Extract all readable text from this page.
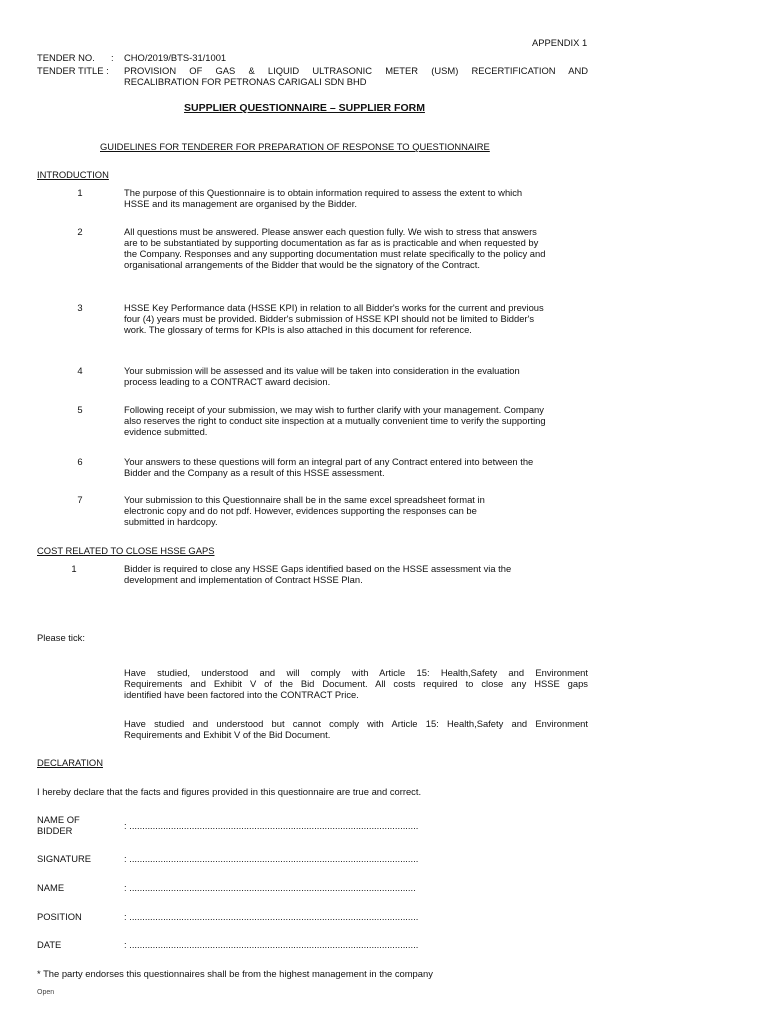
APPENDIX 1
TENDER NO. : CHO/2019/BTS-31/1001
TENDER TITLE : PROVISION OF GAS & LIQUID ULTRASONIC METER (USM) RECERTIFICATION AND
RECALIBRATION FOR PETRONAS CARIGALI SDN BHD
SUPPLIER QUESTIONNAIRE – SUPPLIER FORM
GUIDELINES FOR TENDERER FOR PREPARATION OF RESPONSE TO QUESTIONNAIRE
INTRODUCTION
1	The purpose of this Questionnaire is to obtain information required to assess the extent to which
HSSE and its management are organised by the Bidder.
2	All questions must be answered. Please answer each question fully. We wish to stress that answers
are to be substantiated by supporting documentation as far as is practicable and when requested by
the Company. Responses and any supporting documentation must relate specifically to the policy and
organisational arrangements of the Bidder that would be the signatory of the Contract.
3	HSSE Key Performance data (HSSE KPI) in relation to all Bidder's works for the current and previous
four (4) years must be provided. Bidder's submission of HSSE KPI should not be limited to Bidder's
work. The glossary of terms for KPIs is also attached in this document for reference.
4	Your submission will be assessed and its value will be taken into consideration in the evaluation
process leading to a CONTRACT award decision.
5	Following receipt of your submission, we may wish to further clarify with your management. Company
also reserves the right to conduct site inspection at a mutually convenient time to verify the supporting
evidence submitted.
6	Your answers to these questions will form an integral part of any Contract entered into between the
Bidder and the Company as a result of this HSSE assessment.
7	Your submission to this Questionnaire shall be in the same excel spreadsheet format in
electronic copy and do not pdf. However, evidences supporting the responses can be
submitted in hardcopy.
COST RELATED TO CLOSE HSSE GAPS
1	Bidder is required to close any HSSE Gaps identified based on the HSSE assessment via the
development and implementation of Contract HSSE Plan.
Please tick:
Have studied, understood and will comply with Article 15: Health,Safety and Environment
Requirements and Exhibit V of the Bid Document. All costs required to close any HSSE gaps
identified have been factored into the CONTRACT Price.
Have studied and understood but cannot comply with Article 15: Health,Safety and Environment
Requirements and Exhibit V of the Bid Document.
DECLARATION
I hereby declare that the facts and figures provided in this questionnaire are true and correct.
NAME OF
BIDDER	: ...............................................................................................................
SIGNATURE	: ...............................................................................................................
NAME	: ..............................................................................................................
POSITION	: ...............................................................................................................
DATE	: ...............................................................................................................
* The party endorses this questionnaires shall be from the highest management in the company
Open
